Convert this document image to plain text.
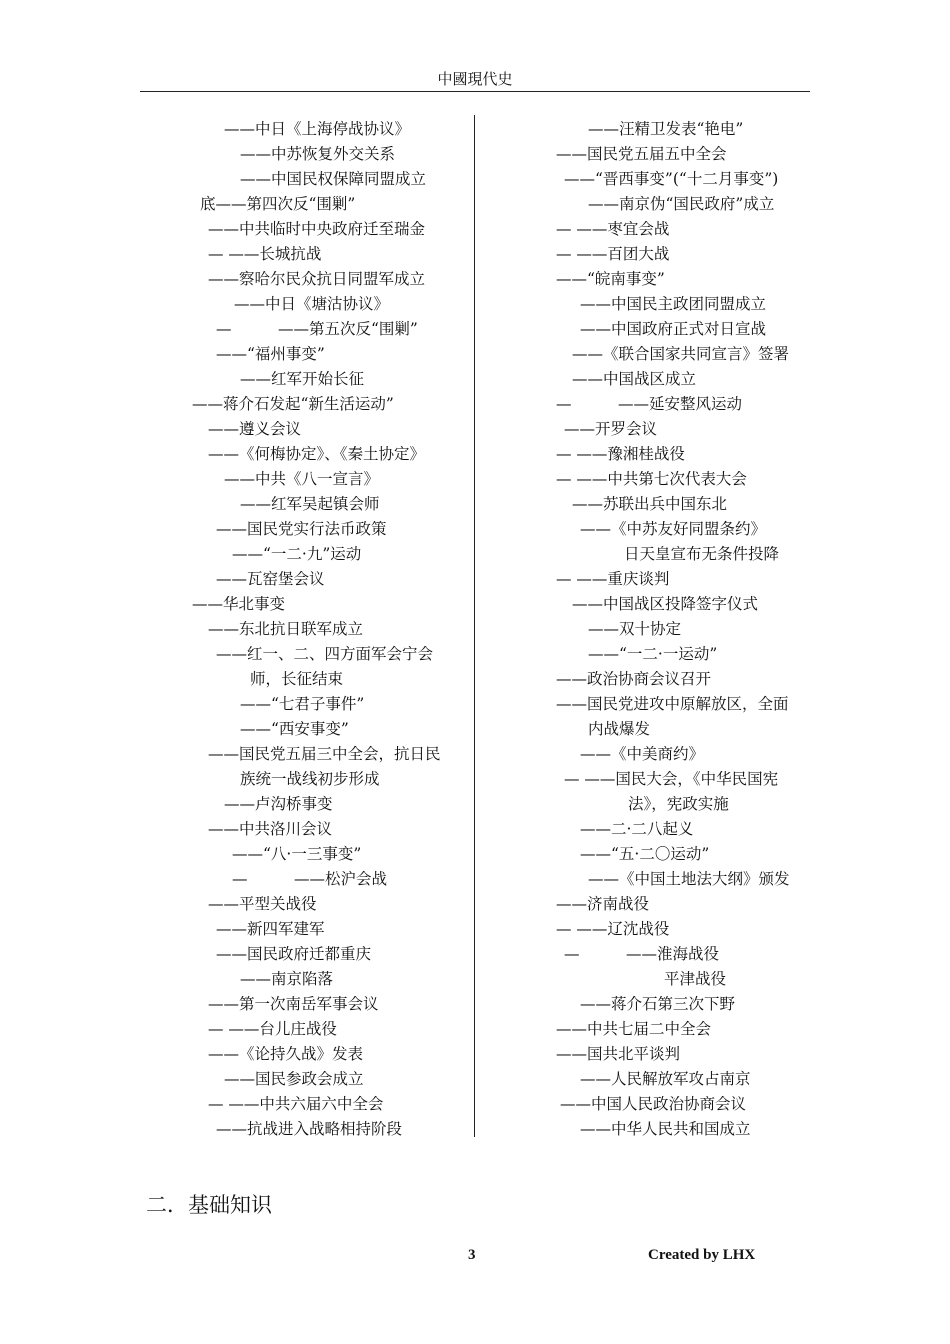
中國現代史
——中日《上海停战协议》
——中苏恢复外交关系
——中国民权保障同盟成立
底——第四次反“围剿”
——中共临时中央政府迁至瑞金
— ——长城抗战
——察哈尔民众抗日同盟军成立
——中日《塘沽协议》
—　　　——第五次反“围剿”
——“福州事变”
——红军开始长征
——蒋介石发起“新生活运动”
——遵义会议
——《何梅协定》、《秦土协定》
——中共《八一宣言》
——红军吴起镇会师
——国民党实行法币政策
——“一二·九”运动
——瓦窑堡会议
——华北事变
——东北抗日联军成立
——红一、二、四方面军会宁会
师，长征结束
——“七君子事件”
——“西安事变”
——国民党五届三中全会，抗日民
族统一战线初步形成
——卢沟桥事变
——中共洛川会议
——“八·一三事变”
—　　　——松沪会战
——平型关战役
——新四军建军
——国民政府迁都重庆
——南京陷落
——第一次南岳军事会议
— ——台儿庄战役
——《论持久战》发表
——国民参政会成立
— ——中共六届六中全会
——抗战进入战略相持阶段
——汪精卫发表“艳电”
——国民党五届五中全会
——“晋西事变”(“十二月事变”)
——南京伪“国民政府”成立
— ——枣宜会战
— ——百团大战
——“皖南事变”
——中国民主政团同盟成立
——中国政府正式对日宣战
——《联合国家共同宣言》签署
——中国战区成立
—　　　——延安整风运动
——开罗会议
— ——豫湘桂战役
— ——中共第七次代表大会
——苏联出兵中国东北
——《中苏友好同盟条约》
日天皇宣布无条件投降
— ——重庆谈判
——中国战区投降签字仪式
——双十协定
——“一二·一运动”
——政治协商会议召开
——国民党进攻中原解放区，全面
内战爆发
——《中美商约》
— ——国民大会，《中华民国宪
法》，宪政实施
——二·二八起义
——“五·二〇运动”
——《中国土地法大纲》颁发
——济南战役
— ——辽沈战役
—　　　——淮海战役
平津战役
——蒋介石第三次下野
——中共七届二中全会
——国共北平谈判
——人民解放军攻占南京
——中国人民政治协商会议
——中华人民共和国成立
二．基础知识
3	Created by LHX
